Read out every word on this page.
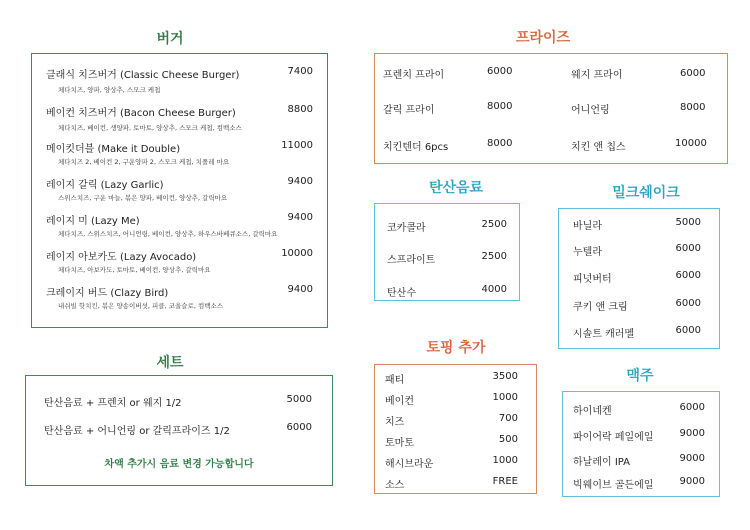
버거
클래식 치즈버거 (Classic Cheese Burger)	7400
체다치즈, 양파, 양상추, 스모크 케첩
베이컨 치즈버거 (Bacon Cheese Burger)	8800
체다치즈, 베이컨, 생양파, 토마토, 양상추, 스모크 케첩, 컴백소스
메이킷더블 (Make it Double)	11000
체다치즈 2, 베이컨 2, 구운양파 2, 스모크 케첩, 치폴레 마요
레이지 갈릭 (Lazy Garlic)	9400
스위스치즈, 구운 마늘, 볶은 양파, 베이컨, 양상추, 갈릭마요
레이지 미 (Lazy Me)	9400
체다치즈, 스위스치즈, 어니언링, 베이컨, 양상추, 하우스바베큐소스, 갈릭마요
레이지 아보카도 (Lazy Avocado)	10000
체다치즈, 아보카도, 토마토, 베이컨, 양상추, 갈릭마요
크레이지 버드 (Clazy Bird)	9400
내쉬빌 핫치킨, 볶은 양송이버섯, 피클, 코울슬로, 컴백소스
세트
탄산음료 + 프렌치 or 웨지 1/2	5000
탄산음료 + 어니언링 or 갈릭프라이즈 1/2	6000
차액 추가시 음료 변경 가능합니다
프라이즈
프렌치 프라이	6000	웨지 프라이	6000
갈릭 프라이	8000	어니언링	8000
치킨텐더 6pcs	8000	치킨 앤 칩스	10000
탄산음료
코카콜라	2500
스프라이트	2500
탄산수	4000
밀크쉐이크
바닐라	5000
누텔라	6000
피넛버터	6000
쿠키 앤 크림	6000
시솔트 캐러멜	6000
토핑 추가
패티	3500
베이컨	1000
치즈	700
토마토	500
해시브라운	1000
소스	FREE
맥주
하이네켄	6000
파이어락 페일에일	9000
하날레이 IPA	9000
빅웨이브 골든에일	9000
